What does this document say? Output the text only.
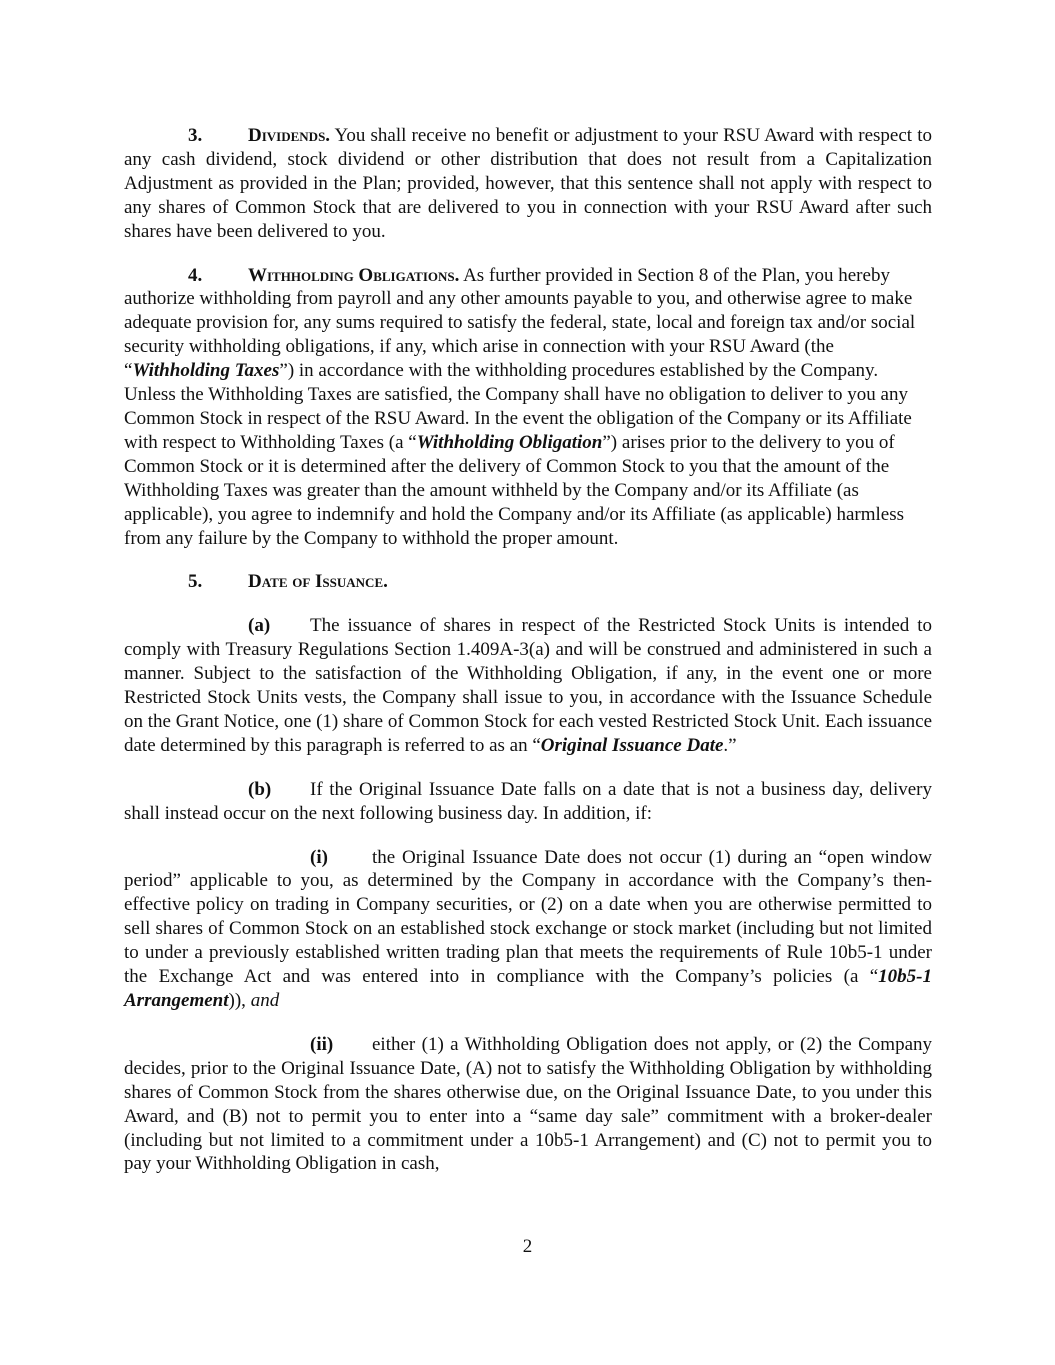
3. Dividends. You shall receive no benefit or adjustment to your RSU Award with respect to any cash dividend, stock dividend or other distribution that does not result from a Capitalization Adjustment as provided in the Plan; provided, however, that this sentence shall not apply with respect to any shares of Common Stock that are delivered to you in connection with your RSU Award after such shares have been delivered to you.

4. Withholding Obligations. As further provided in Section 8 of the Plan, you hereby authorize withholding from payroll and any other amounts payable to you, and otherwise agree to make adequate provision for, any sums required to satisfy the federal, state, local and foreign tax and/or social security withholding obligations, if any, which arise in connection with your RSU Award (the “Withholding Taxes”) in accordance with the withholding procedures established by the Company. Unless the Withholding Taxes are satisfied, the Company shall have no obligation to deliver to you any Common Stock in respect of the RSU Award. In the event the obligation of the Company or its Affiliate with respect to Withholding Taxes (a “Withholding Obligation”) arises prior to the delivery to you of Common Stock or it is determined after the delivery of Common Stock to you that the amount of the Withholding Taxes was greater than the amount withheld by the Company and/or its Affiliate (as applicable), you agree to indemnify and hold the Company and/or its Affiliate (as applicable) harmless from any failure by the Company to withhold the proper amount.

5. Date of Issuance.

(a) The issuance of shares in respect of the Restricted Stock Units is intended to comply with Treasury Regulations Section 1.409A-3(a) and will be construed and administered in such a manner. Subject to the satisfaction of the Withholding Obligation, if any, in the event one or more Restricted Stock Units vests, the Company shall issue to you, in accordance with the Issuance Schedule on the Grant Notice, one (1) share of Common Stock for each vested Restricted Stock Unit. Each issuance date determined by this paragraph is referred to as an “Original Issuance Date.”

(b) If the Original Issuance Date falls on a date that is not a business day, delivery shall instead occur on the next following business day. In addition, if:

(i) the Original Issuance Date does not occur (1) during an “open window period” applicable to you, as determined by the Company in accordance with the Company’s then-effective policy on trading in Company securities, or (2) on a date when you are otherwise permitted to sell shares of Common Stock on an established stock exchange or stock market (including but not limited to under a previously established written trading plan that meets the requirements of Rule 10b5-1 under the Exchange Act and was entered into in compliance with the Company’s policies (a “10b5-1 Arrangement)), and

(ii) either (1) a Withholding Obligation does not apply, or (2) the Company decides, prior to the Original Issuance Date, (A) not to satisfy the Withholding Obligation by withholding shares of Common Stock from the shares otherwise due, on the Original Issuance Date, to you under this Award, and (B) not to permit you to enter into a “same day sale” commitment with a broker-dealer (including but not limited to a commitment under a 10b5-1 Arrangement) and (C) not to permit you to pay your Withholding Obligation in cash,

2
